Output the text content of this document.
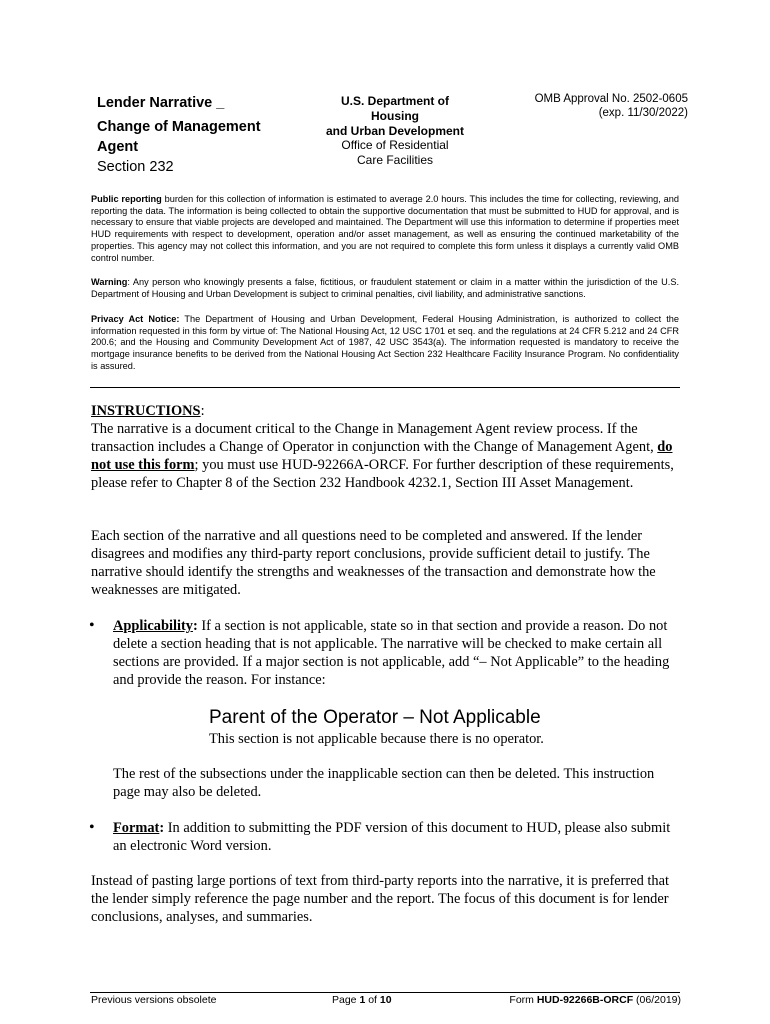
Lender Narrative _
Change of Management
Agent
Section 232
U.S. Department of
Housing
and Urban Development
Office of Residential
Care Facilities
OMB Approval No. 2502-0605
(exp. 11/30/2022)
Public reporting burden for this collection of information is estimated to average 2.0 hours. This includes the time for collecting, reviewing, and reporting the data. The information is being collected to obtain the supportive documentation that must be submitted to HUD for approval, and is necessary to ensure that viable projects are developed and maintained. The Department will use this information to determine if properties meet HUD requirements with respect to development, operation and/or asset management, as well as ensuring the continued marketability of the properties. This agency may not collect this information, and you are not required to complete this form unless it displays a currently valid OMB control number.
Warning: Any person who knowingly presents a false, fictitious, or fraudulent statement or claim in a matter within the jurisdiction of the U.S. Department of Housing and Urban Development is subject to criminal penalties, civil liability, and administrative sanctions.
Privacy Act Notice: The Department of Housing and Urban Development, Federal Housing Administration, is authorized to collect the information requested in this form by virtue of: The National Housing Act, 12 USC 1701 et seq. and the regulations at 24 CFR 5.212 and 24 CFR 200.6; and the Housing and Community Development Act of 1987, 42 USC 3543(a). The information requested is mandatory to receive the mortgage insurance benefits to be derived from the National Housing Act Section 232 Healthcare Facility Insurance Program. No confidentiality is assured.
INSTRUCTIONS:
The narrative is a document critical to the Change in Management Agent review process. If the transaction includes a Change of Operator in conjunction with the Change of Management Agent, do not use this form; you must use HUD-92266A-ORCF. For further description of these requirements, please refer to Chapter 8 of the Section 232 Handbook 4232.1, Section III Asset Management.
Each section of the narrative and all questions need to be completed and answered. If the lender disagrees and modifies any third-party report conclusions, provide sufficient detail to justify. The narrative should identify the strengths and weaknesses of the transaction and demonstrate how the weaknesses are mitigated.
• Applicability: If a section is not applicable, state so in that section and provide a reason. Do not delete a section heading that is not applicable. The narrative will be checked to make certain all sections are provided. If a major section is not applicable, add “– Not Applicable” to the heading and provide the reason. For instance:
Parent of the Operator – Not Applicable
This section is not applicable because there is no operator.
The rest of the subsections under the inapplicable section can then be deleted. This instruction page may also be deleted.
• Format: In addition to submitting the PDF version of this document to HUD, please also submit an electronic Word version.
Instead of pasting large portions of text from third-party reports into the narrative, it is preferred that the lender simply reference the page number and the report. The focus of this document is for lender conclusions, analyses, and summaries.
Previous versions obsolete	Page 1 of 10	Form HUD-92266B-ORCF (06/2019)
